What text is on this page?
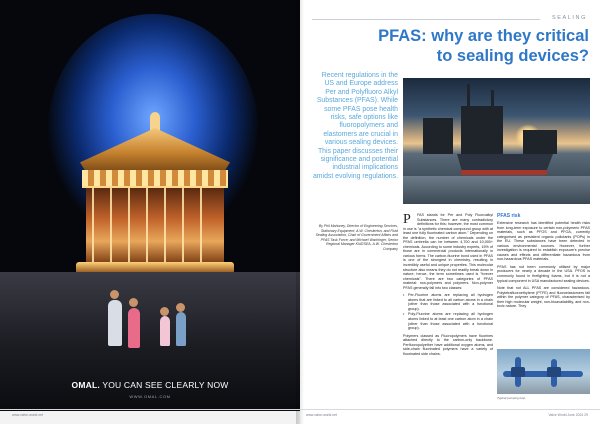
OMAL. YOU CAN SEE CLEARLY NOW
WWW.OMAL.COM
SEALING
PFAS: why are they critical to sealing devices?

Recent regulations in the US and Europe address Per and Polyfluoro Alkyl Substances (PFAS). While some PFAS pose health risks, safe options like fluoropolymers and elastomers are crucial in various sealing devices. This paper discusses their significance and potential industrial implications amidst evolving regulations.

By Phil Mahoney, Director of Engineering Services, Stationary Equipment, A.W. Chesterton, and Fluid Sealing Association, Chair of Government Affairs and PFAS Task Force; and Michael Wachinger, Senior Regional Manager KNZ/SEA, A.W. Chesterton Company

P	FAS stands for Per and Poly Fluoroalkyl Substances. There are many contradictory definitions for this; however, the most common in use is "a synthetic chemical compound group with at least one fully fluorinated carbon atom." Depending on the definition, the number of chemicals under the PFAS umbrella can be between 4,700 and 10,000+ chemicals. According to some industry experts, 15% of those are in commercial products internationally in various forms. The carbon-fluorine bond used in PFAS is one of the strongest in chemistry, resulting in incredibly useful and unique properties. This molecular structure also means they do not readily break down in nature; hence, the term sometimes used is "forever chemicals". There are two categories of PFAS material: non-polymers and polymers. Non-polymer PFAS generally fall into two classes:

• Per-Fluorine atoms are replacing all hydrogen atoms that are linked to all carbon atoms in a chain (other than those associated with a functional group).
• Poly-Fluorine atoms are replacing all hydrogen atoms linked to at least one carbon atom in a chain (other than those associated with a functional group).

Polymers classed as Fluoropolymers have fluorines attached directly to the carbon-only backbone. Perfluoropolyether have additional oxygen atoms, and side-chain fluorinated polymers have a variety of fluorinated side chains.

PFAS risk

Extensive research has identified potential health risks from long-term exposure to certain non-polymeric PFAS materials, such as PFOS and PFOA, currently categorised as persistent organic pollutants (POPs) in the EU. These substances have been detected in various environmental sources. However, further investigation is required to establish exposure's precise causes and effects and differentiate hazardous from non-hazardous PFAS materials.

PFAS has not been commonly utilised by major producers for nearly a decade in the USA. PFOS is commonly found in firefighting foams, but it is not a typical component in USA manufactured sealing devices.

Note that not ALL PFAS are considered hazardous. Polytetrafluoroethylene (PTFE) and fluoroelastomers fall within the polymer category of PFAS, characterised by their high molecular weight, non-bioavailability, and non-toxic nature. They

Typical pumping loop.
www.valve-world.net	www.valve-world.net	Valve World June 2024 29
